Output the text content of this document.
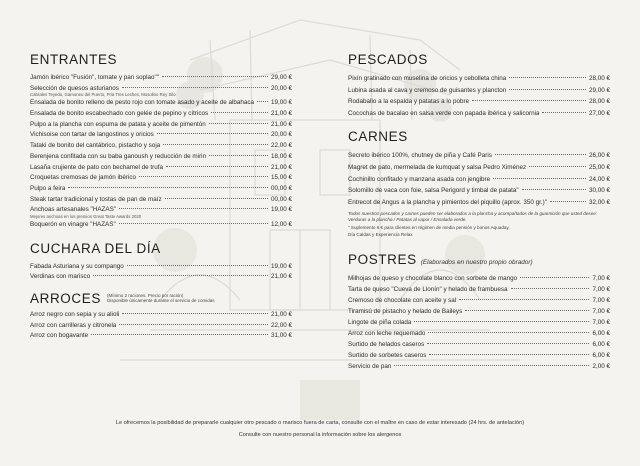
ENTRANTES
Jamón ibérico "Fusión", tomate y pan soplao""	29,00 €
Selección de quesos asturianos	20,00 €
Cabrales Teyedo, Gamoneu del Puerto, Pria Tres Leches, Mosolino Rey Silo
Ensalada de bonito relleno de pesto rojo con tomate asado y aceite de albahaca	19,00 €
Ensalada de bonito escabechado con gelée de pepino y cítricos	21,00 €
Pulpo a la plancha con espuma de patata y aceite de pimentón	21,00 €
Vichisoise con tartar de langostinos y oricios	20,00 €
Tataki de bonito del cantábrico, pistacho y soja	22,00 €
Berenjena confitada con su baba ganoush y reducción de mirin	18,00 €
Lasaña crujiente de pato con bechamel de trufa	21,00 €
Croquetas cremosas de jamón ibérico	15,00 €
Pulpo a feira	00,00 €
Steak tartar tradicional y tostas de pan de maíz	00,00 €
Anchoas artesanales "HAZAS"	19,00 €
Mejores anchoas en los premios Great Taste Awards 2020
Boquerón en vinagre "HAZAS"	12,00 €
CUCHARA DEL DÍA
Fabada Asturiana y su compango	19,00 €
Verdinas con marisco	21,00 €
ARROCES (Mínimo 2 raciones. Precio por ración)
Disponible únicamente durante el servicio de comidas
Arroz negro con sepia y su alioli	21,00 €
Arroz con carrilleras y citronela	22,00 €
Arroz con bogavante	31,00 €
PESCADOS
Pixín gratinado con muselina de oricios y cebolleta china	28,00 €
Lubina asada al cava y cremoso de guisantes y plancton	29,00 €
Rodaballo a la espalda y patatas a lo pobre	28,00 €
Cocochas de bacalao en salsa verde con papada ibérica y salicornia	27,00 €
CARNES
Secreto ibérico 100%, chutney de piña y Café Paris	26,00 €
Magret de pato, mermelada de kumquat y salsa Pedro Ximénez	25,00 €
Cochinillo confitado y manzana asada con jengibre	24,00 €
Solomillo de vaca con foie, salsa Perigord y timbal de patata"	30,00 €
Entrecot de Angus a la plancha y pimientos del piquillo (aprox. 350 gr.)"	32,00 €
Todos nuestros pescados y carnes pueden ser elaborados a la plancha y acompañados de la guarnición que usted desee: Verduras a la plancha / Patatas al vapor / Ensalada verde.
" Suplemento 6 € para clientes en régimen de media pensión y bonos Aquaday,
Día Caldas y Experiencia Relax
POSTRES (Elaborados en nuestro propio obrador)
Milhojas de queso y chocolate blanco con sorbete de mango	7,00 €
Tarta de queso "Cueva de Llonín" y helado de frambuesa	7,00 €
Cremoso de chocolate con aceite y sal	7,00 €
Tiramisú de pistacho y helado de Baileys	7,00 €
Lingote de piña colada	7,00 €
Arroz con leche requemado	6,00 €
Surtido de helados caseros	6,00 €
Surtido de sorbetes caseros	6,00 €
Servicio de pan	2,00 €
Le ofrecemos la posibilidad de prepararle cualquier otro pescado o marisco fuera de carta, consulte con el maître en caso de estar interesado (24 hrs. de antelación)
Consulte con nuestro personal la información sobre los alergenos
